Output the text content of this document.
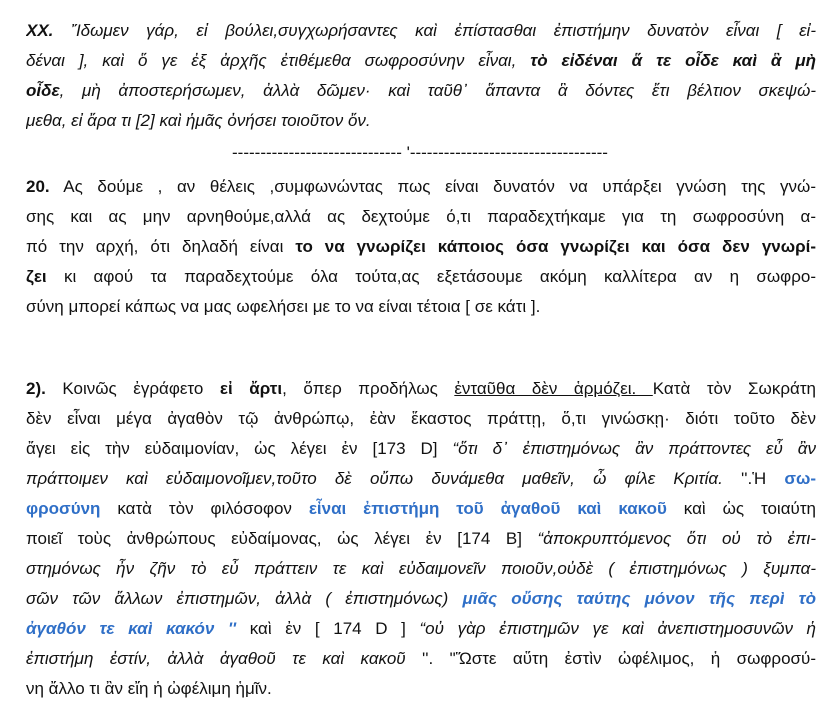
XX. Ἴδωμεν γάρ, εἰ βούλει,συγχωρήσαντες καὶ ἐπίστασθαι ἐπιστήμην δυνατὸν εἶναι [ εἰ-
δέναι ], καὶ ὅ γε ἐξ ἀρχῆς ἐτιθέμεθα σωφροσύνην εἶναι, τὸ εἰδέναι ἅ τε οἶδε καὶ ἃ μὴ
οἶδε, μὴ ἀποστερήσωμεν, ἀλλὰ δῶμεν· καὶ ταῦθ᾽ ἅπαντα ἃ δόντες ἔτι βέλτιον σκεψώ-
μεθα, εἰ ἄρα τι [2] καὶ ἡμᾶς ὀνήσει τοιοῦτον ὄν.
------------------------------ '-----------------------------------
20. Ας δούμε , αν θέλεις ,συμφωνώντας πως είναι δυνατόν να υπάρξει γνώση της γνώ-
σης και ας μην αρνηθούμε,αλλά ας δεχτούμε ό,τι παραδεχτήκαμε για τη σωφροσύνη α-
πό την αρχή, ότι δηλαδή είναι το να γνωρίζει κάποιος όσα γνωρίζει και όσα δεν γνωρί-
ζει κι αφού τα παραδεχτούμε όλα τούτα,ας εξετάσουμε ακόμη καλλίτερα αν η σωφρο-
σύνη μπορεί κάπως να μας ωφελήσει με το να είναι τέτοια [ σε κάτι ].
2). Κοινῶς ἐγράφετο εἰ ἄρτι, ὅπερ προδήλως ἐνταῦθα δὲν ἁρμόζει. Κατὰ τὸν Σωκράτη
δὲν εἶναι μέγα ἀγαθὸν τῷ ἀνθρώπῳ, ἐὰν ἕκαστος πράττῃ, ὅ,τι γινώσκῃ· διότι τοῦτο δὲν
ἄγει εἰς τὴν εὐδαιμονίαν, ὡς λέγει ἐν [173 D] “ὅτι δ᾽ ἐπιστημόνως ἂν πράττοντες εὖ ἂν
πράττοιμεν καὶ εὐδαιμονοῖμεν,τοῦτο δὲ οὔπω δυνάμεθα μαθεῖν, ὦ φίλε Κριτία. ''.Ἡ σω-
φροσύνη κατὰ τὸν φιλόσοφον εἶναι ἐπιστήμη τοῦ ἀγαθοῦ καὶ κακοῦ καὶ ὡς τοιαύτη
ποιεῖ τοὺς ἀνθρώπους εὐδαίμονας, ὡς λέγει ἐν [174 B] “ἀποκρυπτόμενος ὅτι οὐ τὸ ἐπι-
στημόνως ἦν ζῆν τὸ εὖ πράττειν τε καὶ εὐδαιμονεῖν ποιοῦν,οὐδὲ ( ἐπιστημόνως ) ξυμπα-
σῶν τῶν ἄλλων ἐπιστημῶν, ἀλλὰ ( ἐπιστημόνως) μιᾶς οὔσης ταύτης μόνον τῆς περὶ τὸ
ἀγαθόν τε καὶ κακόν '' καὶ ἐν [ 174 D ] “οὐ γὰρ ἐπιστημῶν γε καὶ ἀνεπιστημοσυνῶν ἡ
ἐπιστήμη ἐστίν, ἀλλὰ ἀγαθοῦ τε καὶ κακοῦ ''. "Ὥστε αὕτη ἐστὶν ὠφέλιμος, ἡ σωφροσύ-
νη ἄλλο τι ἂν εἴη ἡ ὠφέλιμη ἡμῖν.
